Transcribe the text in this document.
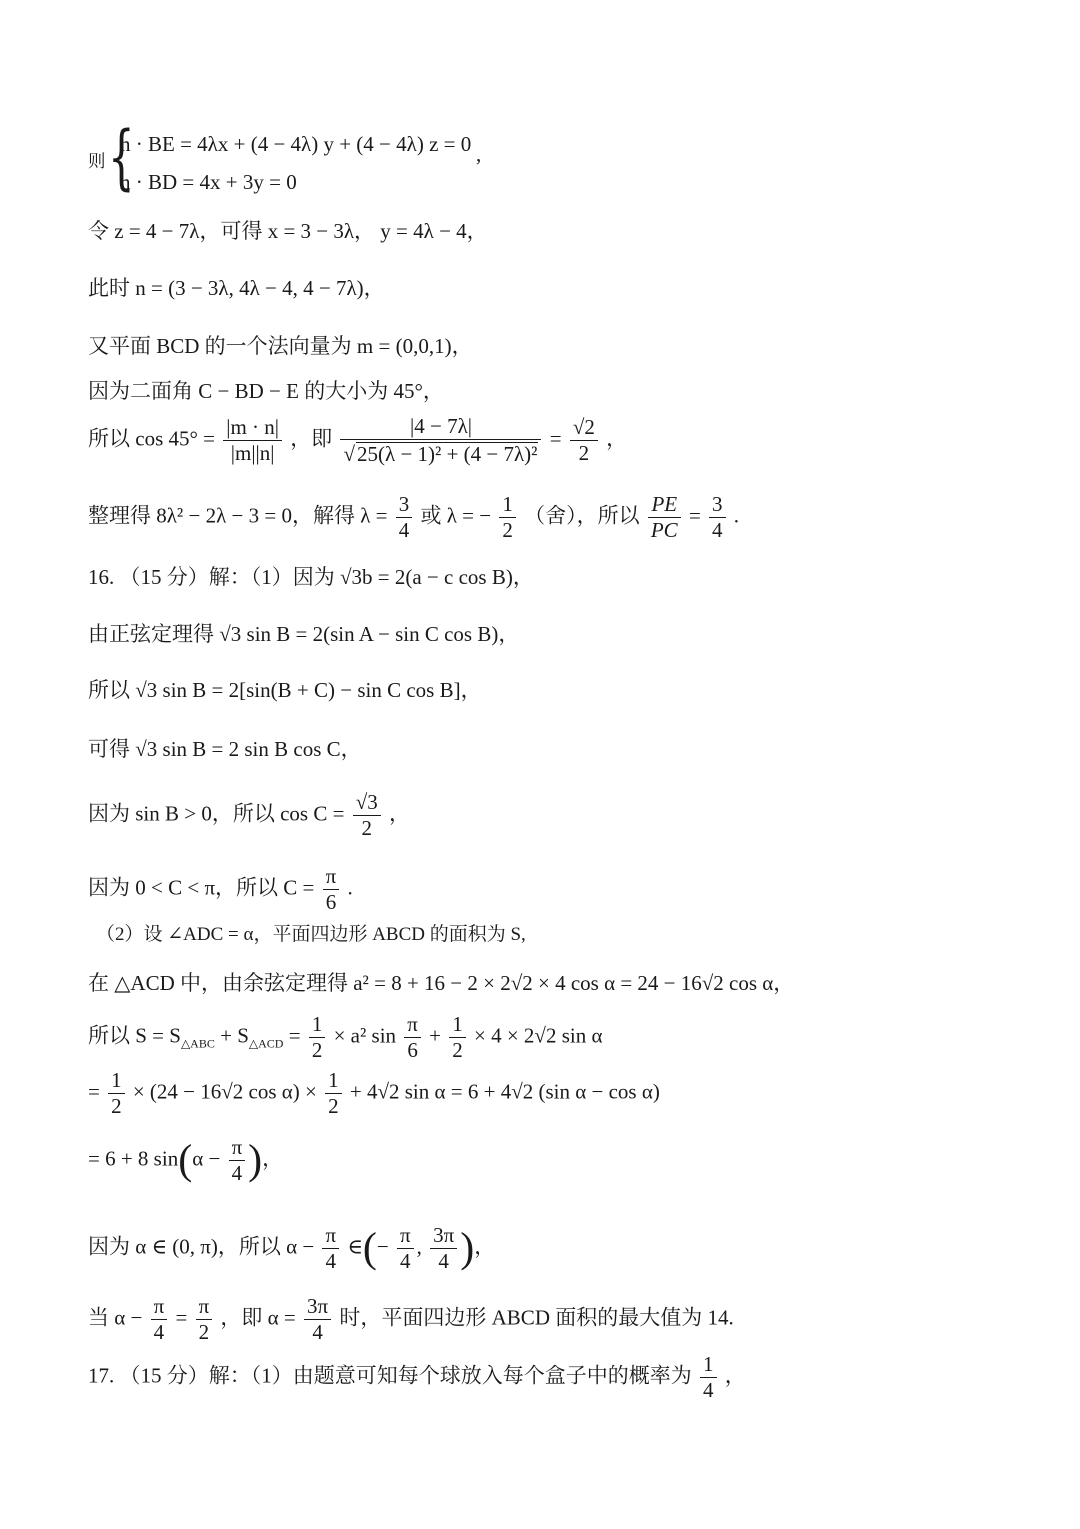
则 {
n · BE = 4λx + (4 − 4λ) y + (4 − 4λ) z = 0
n · BD = 4x + 3y = 0
,
令 z = 4 − 7λ，可得 x = 3 − 3λ， y = 4λ − 4，
此时 n = (3 − 3λ, 4λ − 4, 4 − 7λ)，
又平面 BCD 的一个法向量为 m = (0,0,1)，
因为二面角 C − BD − E 的大小为 45°，
所以 $\cos 45^\circ = \frac{|m \cdot n|}{|m||n|}$ ，即 $\frac{|4 - 7\lambda|}{\text{√25(λ − 1)² + (4 − 7λ)²}} = \frac{√2}{2}$ ，
整理得 8λ² − 2λ − 3 = 0，解得 $\lambda = \frac{3}{4}$ 或 λ = − $\frac{1}{2}$ （舍），所以 $\frac{PE}{PC} = \frac{3}{4}$ .
16. （15 分）解：（1）因为 √3b = 2(a − c cos B)，
由正弦定理得 √3 sin B = 2(sin A − sin C cos B)，
所以 √3 sin B = 2[sin(B + C) − sin C cos B]，
可得 √3 sin B = 2 sin B cos C，
因为 sin B > 0，所以 $\cos C = \frac{√3}{2}$ ，
因为 0 < C < π，所以 $C = \frac{\pi}{6}$ .
（2）设 ∠ADC = α，平面四边形 ABCD 的面积为 S,
在 △ACD 中，由余弦定理得 a² = 8 + 16 − 2 × 2√2 × 4 cos α = 24 − 16√2 cos α，
所以 $S = S_{\triangle ABC} + S_{\triangle ACD} = \frac{1}{2} \times a^2$ $\sin \frac{\pi}{6} + \frac{1}{2} \times 4 \times 2√2$ sin α
= $\frac{1}{2} \times (24 - 16√2$ $\cos \alpha) \times \frac{1}{2} + 4√2$ sin α = 6 + 4√2 (sin α − cos α)
= 6 + 8 $\sin(\alpha - \frac{\pi}{4}$ )，
因为 α ∈ (0, π)，所以 $\alpha - \frac{\pi}{4}$ ∈(− $\frac{\pi}{4}$ , $\frac{3\pi}{4}$ )，
当 $\alpha - \frac{\pi}{4} = \frac{\pi}{2}$ ，即 $\alpha = \frac{3\pi}{4}$ 时，平面四边形 ABCD 面积的最大值为 14.
17. （15 分）解：（1）由题意可知每个球放入每个盒子中的概率为 $\frac{1}{4}$ ，
